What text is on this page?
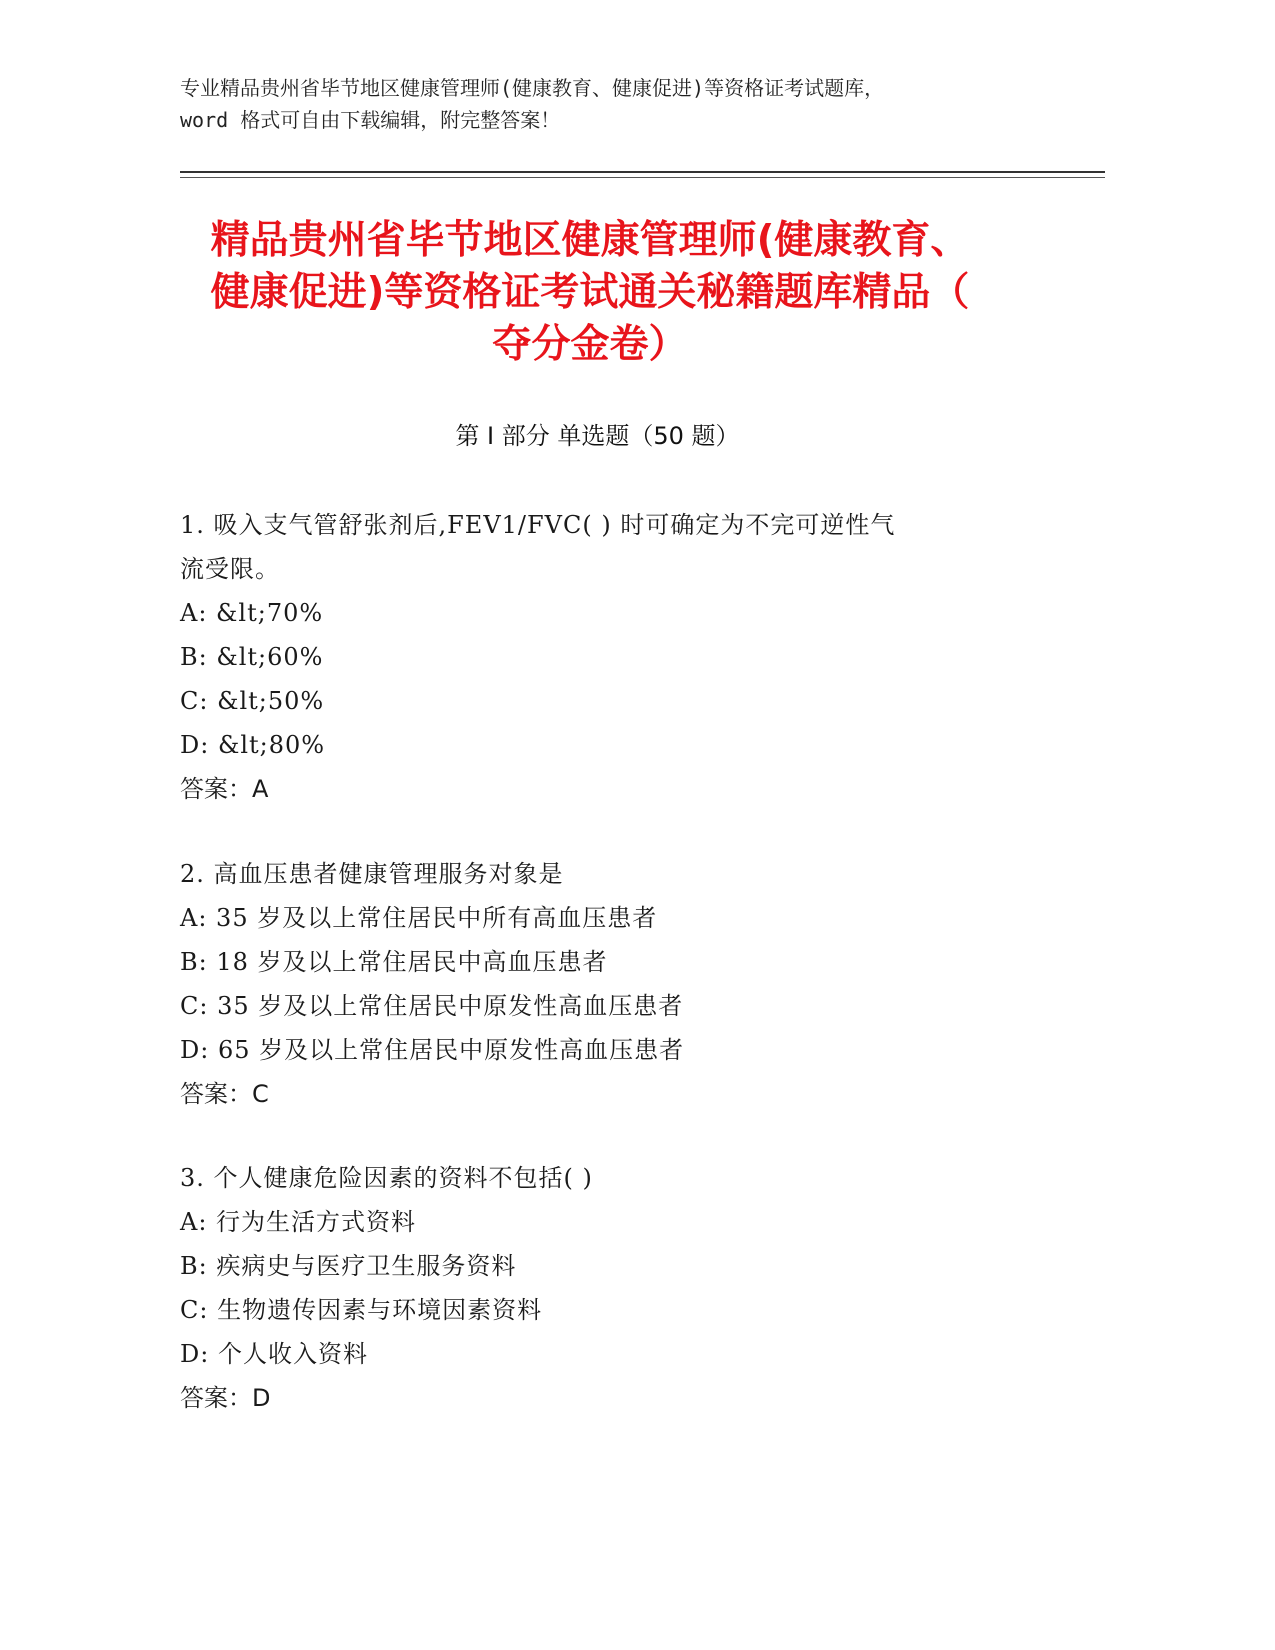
专业精品贵州省毕节地区健康管理师(健康教育、健康促进)等资格证考试题库，
word 格式可自由下载编辑，附完整答案！
精品贵州省毕节地区健康管理师(健康教育、
健康促进)等资格证考试通关秘籍题库精品（
夺分金卷）
第 I 部分 单选题（50 题）
1. 吸入支气管舒张剂后,FEV1/FVC( ) 时可确定为不完可逆性气
流受限。
A: &lt;70%
B: &lt;60%
C: &lt;50%
D: &lt;80%
答案：A
2. 高血压患者健康管理服务对象是
A: 35 岁及以上常住居民中所有高血压患者
B: 18 岁及以上常住居民中高血压患者
C: 35 岁及以上常住居民中原发性高血压患者
D: 65 岁及以上常住居民中原发性高血压患者
答案：C
3. 个人健康危险因素的资料不包括( )
A: 行为生活方式资料
B: 疾病史与医疗卫生服务资料
C: 生物遗传因素与环境因素资料
D: 个人收入资料
答案：D
